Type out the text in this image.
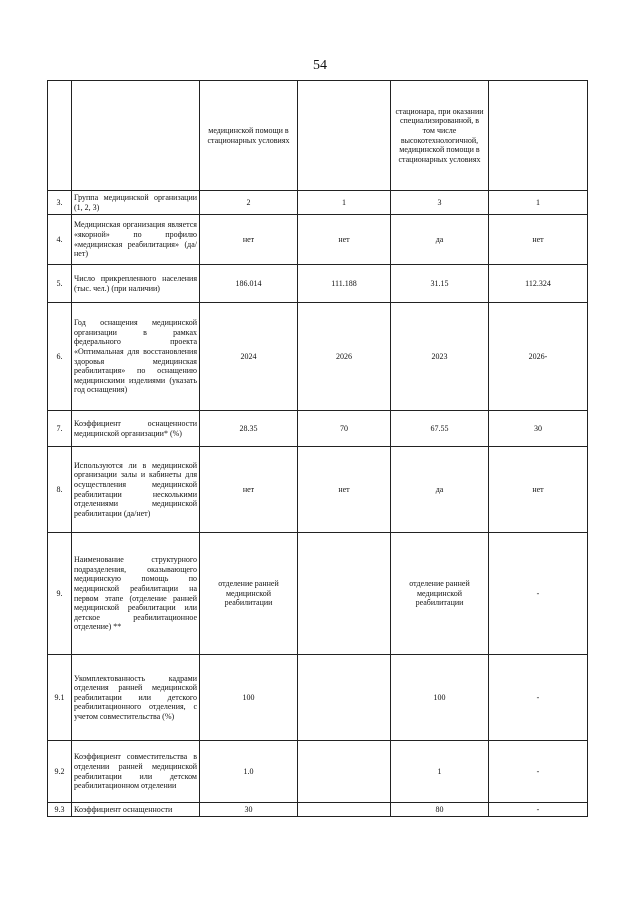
54
		медицинской помощи в стационарных условиях		стационара, при оказании специализированной, в том числе высокотехнологичной, медицинской помощи в стационарных условиях	
3.	Группа медицинской организации (1, 2, 3)	2	1	3	1
4.	Медицинская организация является «якорной» по профилю «медицинская реабилитация» (да/нет)	нет	нет	да	нет
5.	Число прикрепленного населения (тыс. чел.) (при наличии)	186.014	111.188	31.15	112.324
6.	Год оснащения медицинской организации в рамках федерального проекта «Оптимальная для восстановления здоровья медицинская реабилитация» по оснащению медицинскими изделиями (указать год оснащения)	2024	2026	2023	2026-
7.	Коэффициент оснащенности медицинской организации* (%)	28.35	70	67.55	30
8.	Используются ли в медицинской организации залы и кабинеты для осуществления медицинской реабилитации несколькими отделениями медицинской реабилитации (да/нет)	нет	нет	да	нет
9.	Наименование структурного подразделения, оказывающего медицинскую помощь по медицинской реабилитации на первом этапе (отделение ранней медицинской реабилитации или детское реабилитационное отделение) **	отделение ранней медицинской реабилитации		отделение ранней медицинской реабилитации	-
9.1	Укомплектованность кадрами отделения ранней медицинской реабилитации или детского реабилитационного отделения, с учетом совместительства (%)	100		100	-
9.2	Коэффициент совместительства в отделении ранней медицинской реабилитации или детском реабилитационном отделении	1.0		1	-
9.3	Коэффициент оснащенности	30		80	-
